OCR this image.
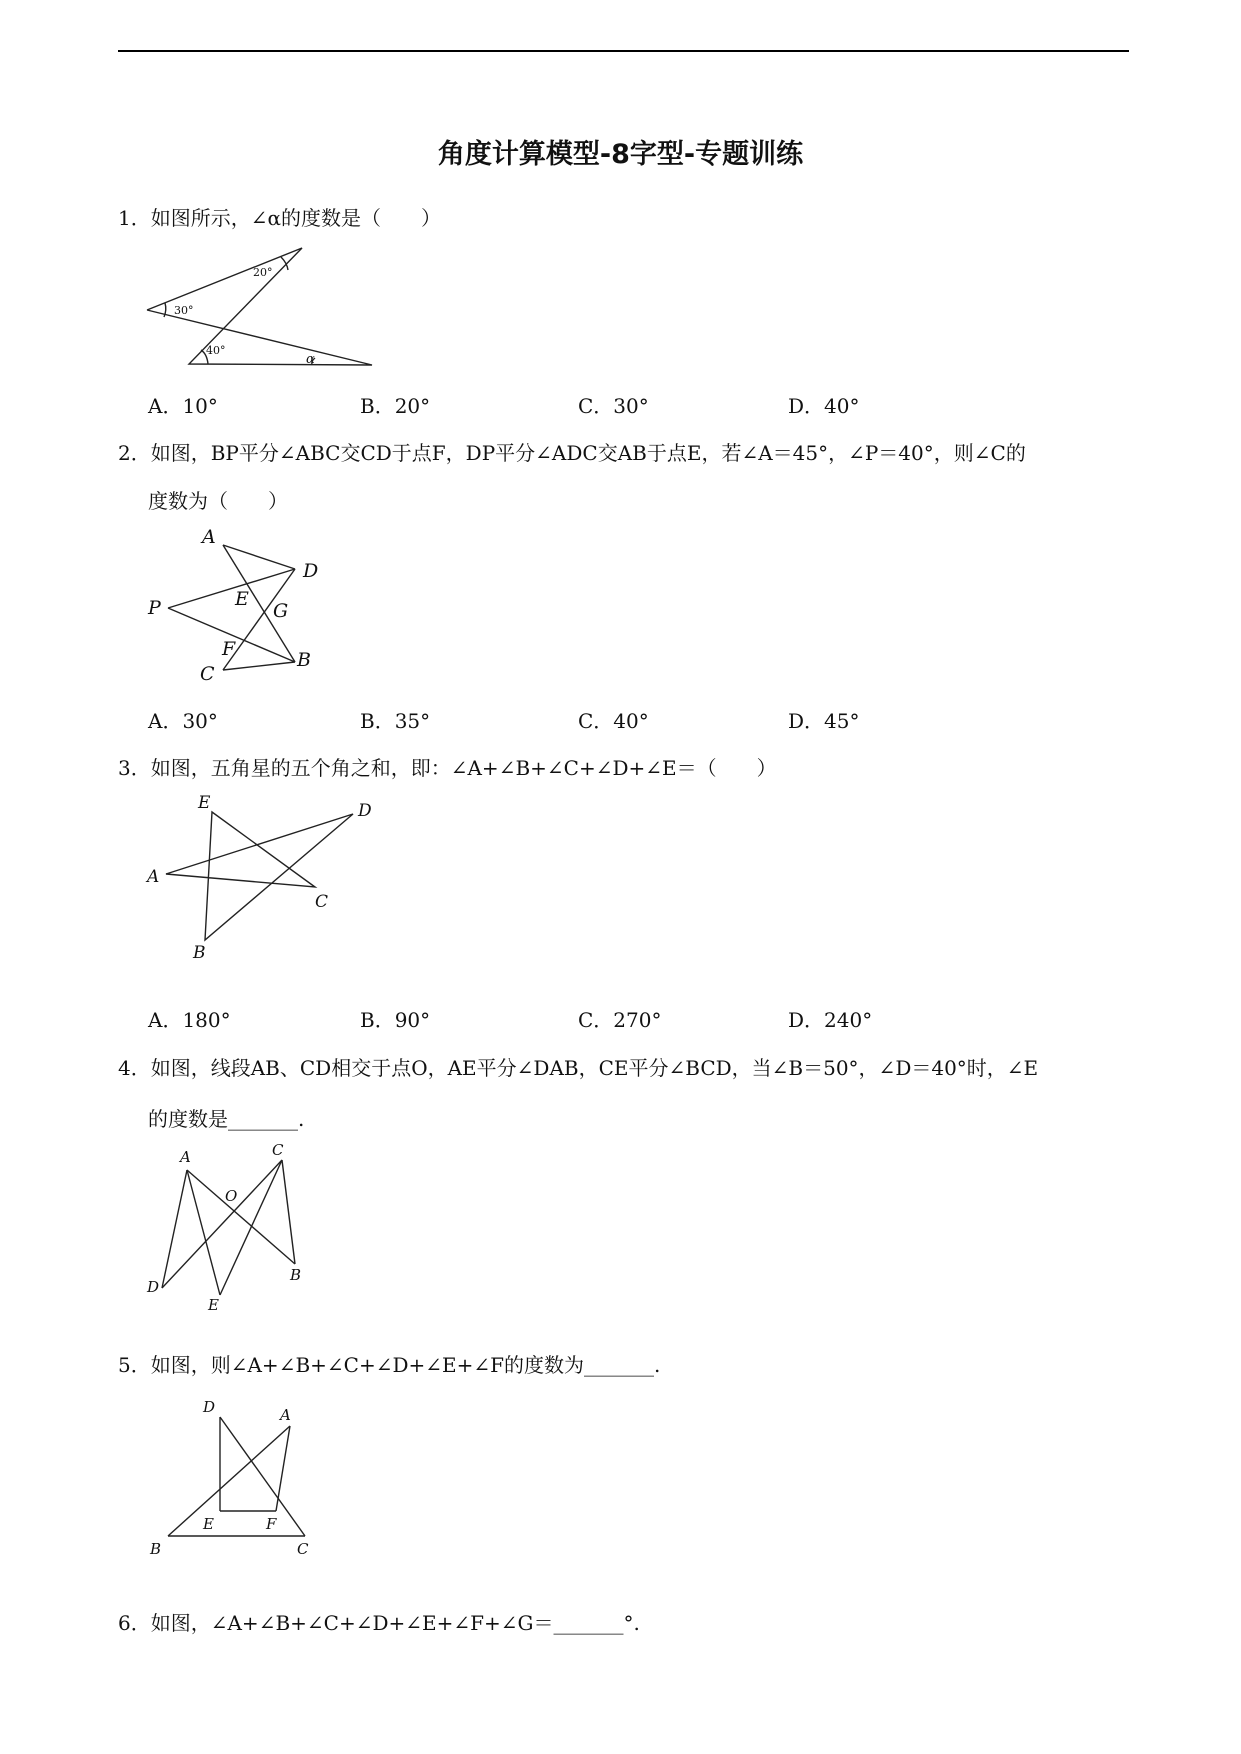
角度计算模型-8字型-专题训练
1．如图所示，∠α的度数是（　　）
20°
30°
40°
α
A．10°	B．20°	C．30°	D．40°
2．如图，BP平分∠ABC交CD于点F，DP平分∠ADC交AB于点E，若∠A＝45°，∠P＝40°，则∠C的
度数为（　　）
A
D
P	E
G
F
C
B
A．30°	B．35°	C．40°	D．45°
3．如图，五角星的五个角之和，即：∠A+∠B+∠C+∠D+∠E＝（　　）
E	D
A
C
B
A．180°	B．90°	C．270°	D．240°
4．如图，线段AB、CD相交于点O，AE平分∠DAB，CE平分∠BCD，当∠B＝50°，∠D＝40°时，∠E
的度数是_______.
A	C
O
D
E
B
5．如图，则∠A+∠B+∠C+∠D+∠E+∠F的度数为_______.
D	A
E	F
B	C
6．如图，∠A+∠B+∠C+∠D+∠E+∠F+∠G＝_______°.
